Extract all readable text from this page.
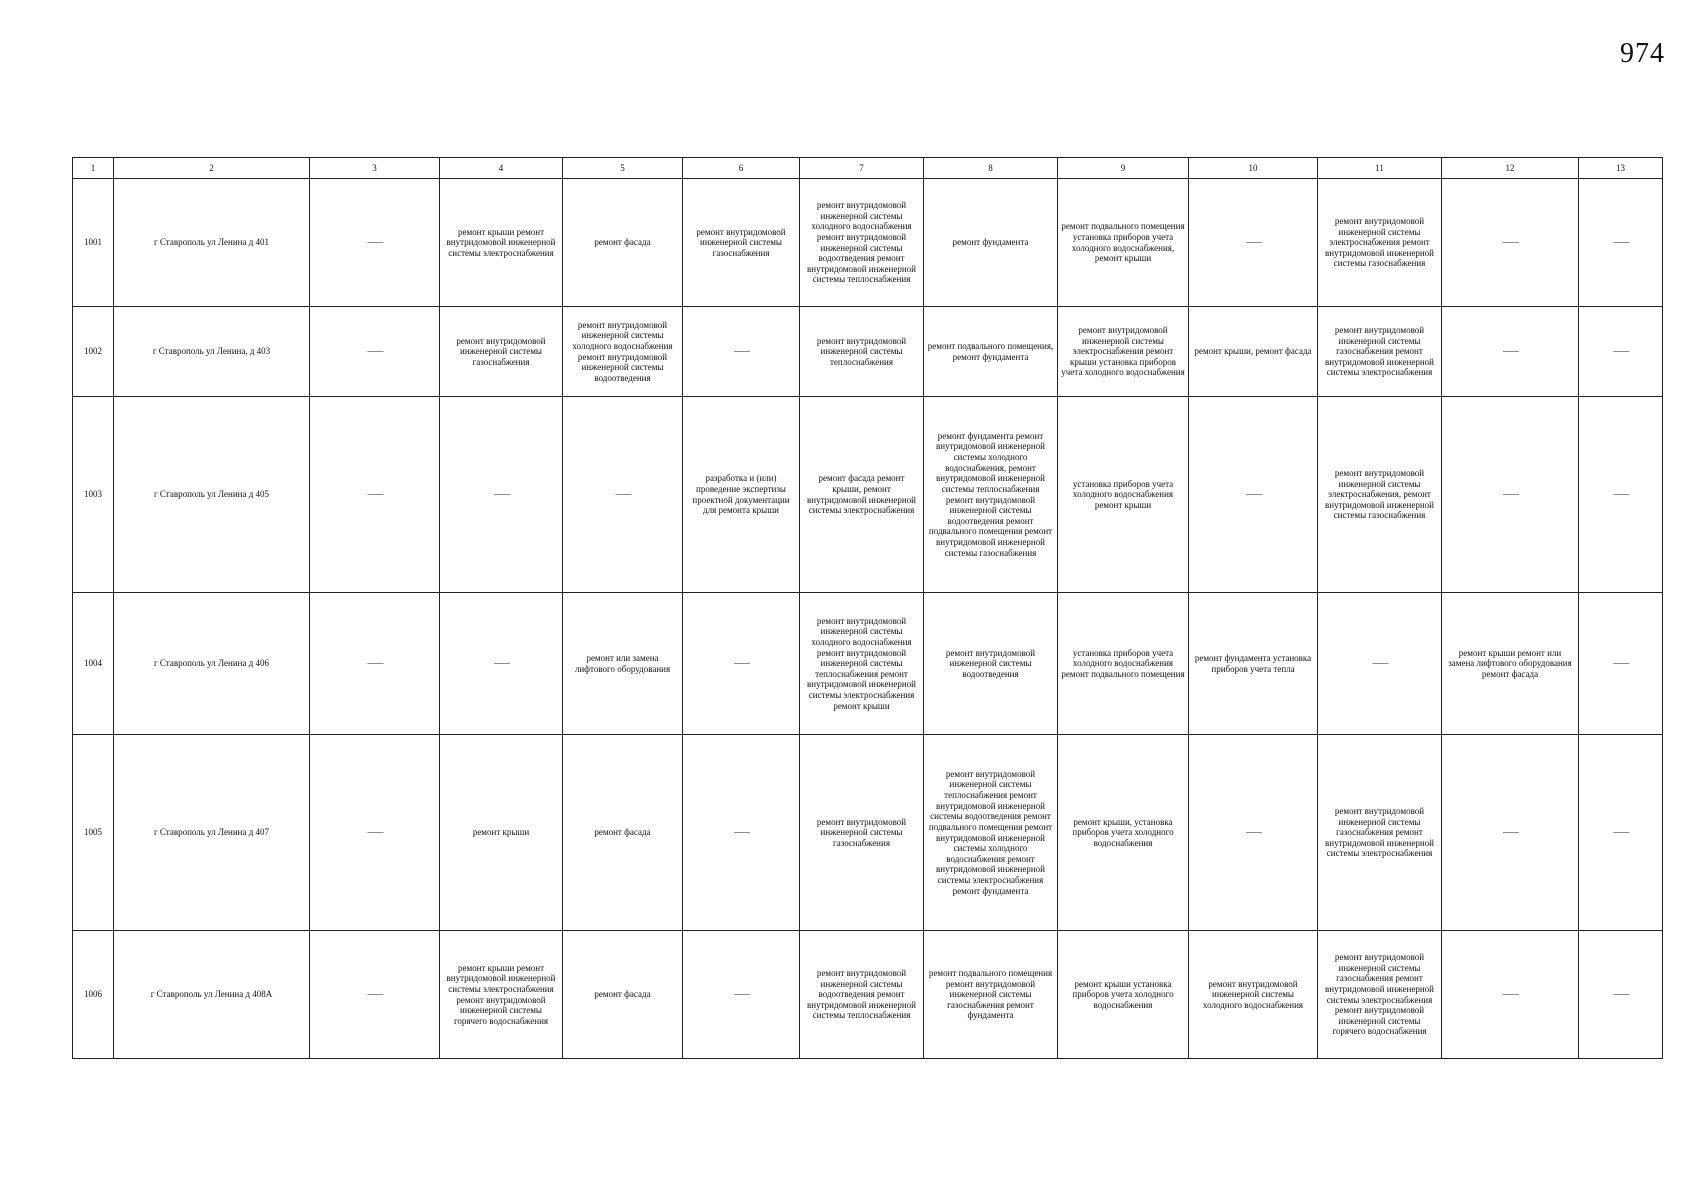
974
1	2	3	4	5	6	7	8	9	10	11	12	13
1001	г Ставрополь ул Ленина д 401	——	ремонт крыши ремонт внутридомовой инженерной системы электроснабжения	ремонт фасада	ремонт внутридомовой инженерной системы газоснабжения	ремонт внутридомовой инженерной системы холодного водоснабжения ремонт внутридомовой инженерной системы водоотведения ремонт внутридомовой инженерной системы теплоснабжения	ремонт фундамента	ремонт подвального помещения установка приборов учета холодного водоснабжения, ремонт крыши	——	ремонт внутридомовой инженерной системы электроснабжения ремонт внутридомовой инженерной системы газоснабжения	——	——
1002	г Ставрополь ул Ленина, д 403	——	ремонт внутридомовой инженерной системы газоснабжения	ремонт внутридомовой инженерной системы холодного водоснабжения ремонт внутридомовой инженерной системы водоотведения	——	ремонт внутридомовой инженерной системы теплоснабжения	ремонт подвального помещения, ремонт фундамента	ремонт внутридомовой инженерной системы электроснабжения ремонт крыши установка приборов учета холодного водоснабжения	ремонт крыши, ремонт фасада	ремонт внутридомовой инженерной системы газоснабжения ремонт внутридомовой инженерной системы электроснабжения	——	——
1003	г Ставрополь ул Ленина д 405	——	——	——	разработка и (или) проведение экспертизы проектной документации для ремонта крыши	ремонт фасада ремонт крыши, ремонт внутридомовой инженерной системы электроснабжения	ремонт фундамента ремонт внутридомовой инженерной системы холодного водоснабжения, ремонт внутридомовой инженерной системы теплоснабжения ремонт внутридомовой инженерной системы водоотведения ремонт подвального помещения ремонт внутридомовой инженерной системы газоснабжения	установка приборов учета холодного водоснабжения ремонт крыши	——	ремонт внутридомовой инженерной системы электроснабжения, ремонт внутридомовой инженерной системы газоснабжения	——	——
1004	г Ставрополь ул Ленина д 406	——	——	ремонт или замена лифтового оборудования	——	ремонт внутридомовой инженерной системы холодного водоснабжения ремонт внутридомовой инженерной системы теплоснабжения ремонт внутридомовой инженерной системы электроснабжения ремонт крыши	ремонт внутридомовой инженерной системы водоотведения	установка приборов учета холодного водоснабжения ремонт подвального помещения	ремонт фундамента установка приборов учета тепла	——	ремонт крыши ремонт или замена лифтового оборудования ремонт фасада	——
1005	г Ставрополь ул Ленина д 407	——	ремонт крыши	ремонт фасада	——	ремонт внутридомовой инженерной системы газоснабжения	ремонт внутридомовой инженерной системы теплоснабжения ремонт внутридомовой инженерной системы водоотведения ремонт подвального помещения ремонт внутридомовой инженерной системы холодного водоснабжения ремонт внутридомовой инженерной системы электроснабжения ремонт фундамента	ремонт крыши, установка приборов учета холодного водоснабжения	——	ремонт внутридомовой инженерной системы газоснабжения ремонт внутридомовой инженерной системы электроснабжения	——	——
1006	г Ставрополь ул Ленина д 408А	——	ремонт крыши ремонт внутридомовой инженерной системы электроснабжения ремонт внутридомовой инженерной системы горячего водоснабжения	ремонт фасада	——	ремонт внутридомовой инженерной системы водоотведения ремонт внутридомовой инженерной системы теплоснабжения	ремонт подвального помещения ремонт внутридомовой инженерной системы газоснабжения ремонт фундамента	ремонт крыши установка приборов учета холодного водоснабжения	ремонт внутридомовой инженерной системы холодного водоснабжения	ремонт внутридомовой инженерной системы газоснабжения ремонт внутридомовой инженерной системы электроснабжения ремонт внутридомовой инженерной системы горячего водоснабжения	——	——
